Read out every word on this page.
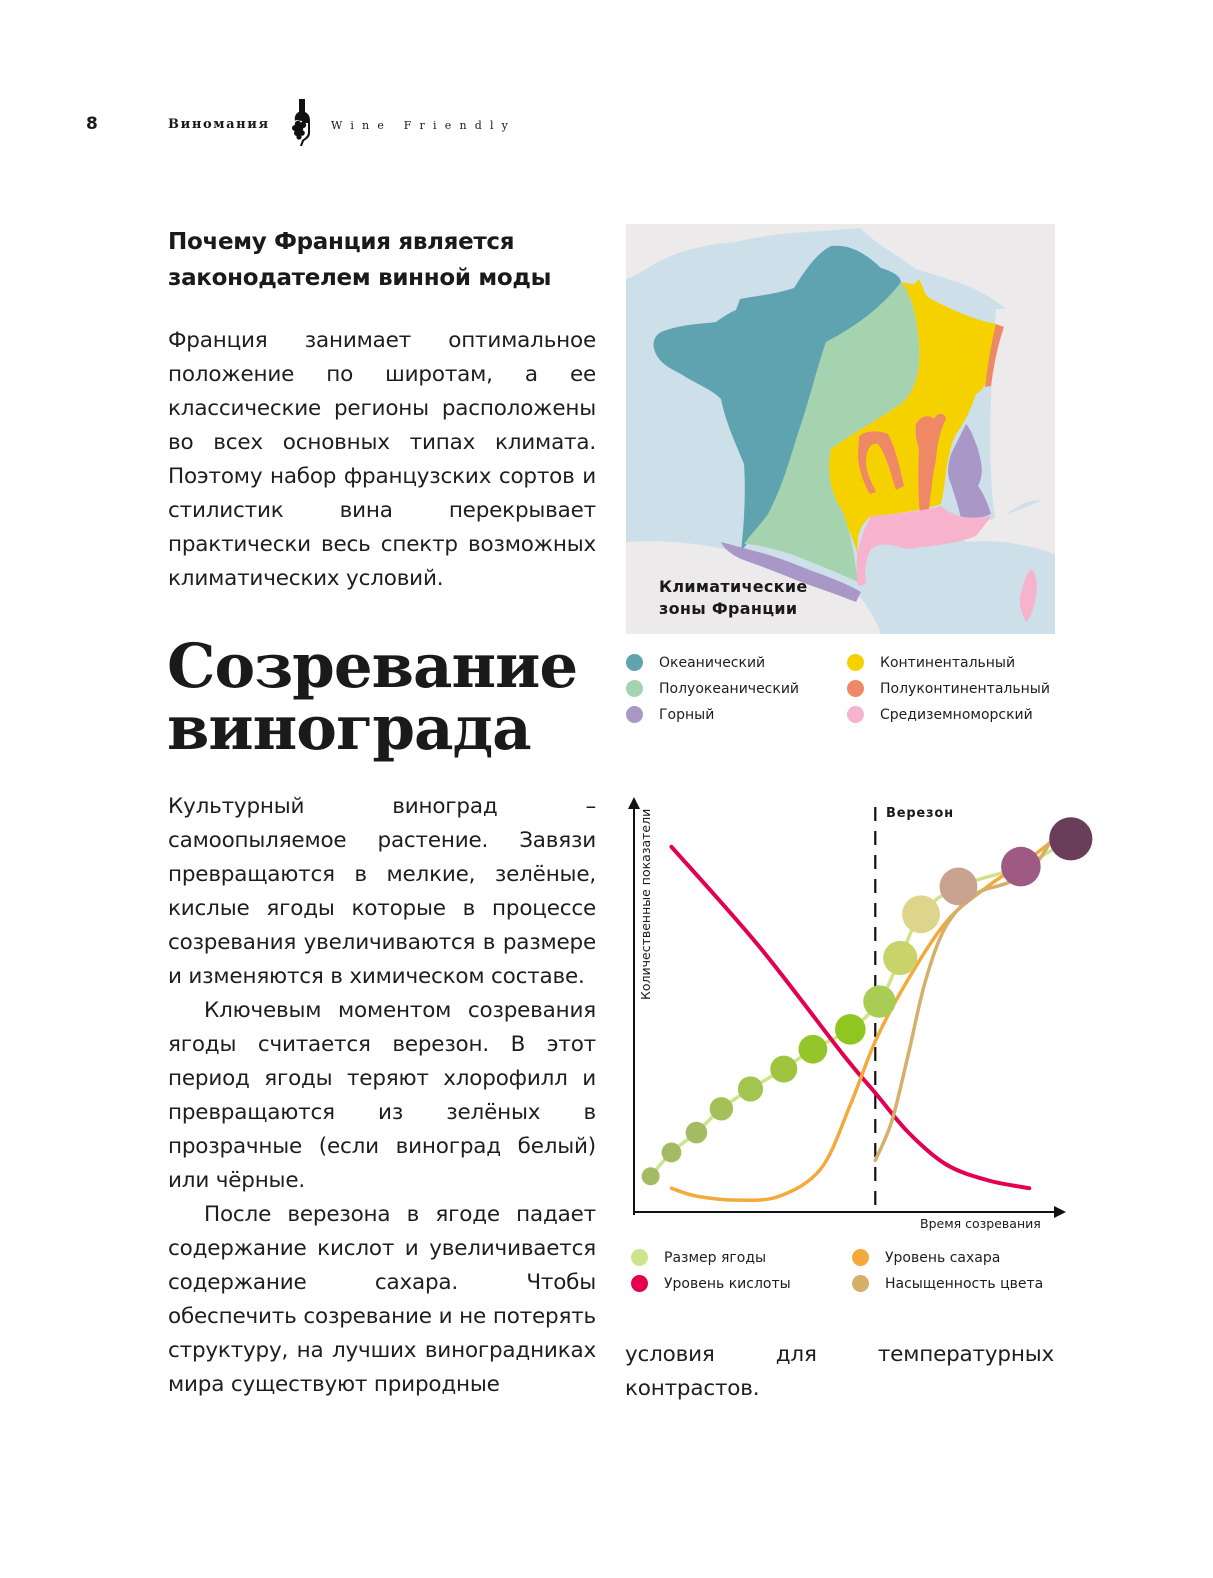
8	Виномания	Wine Friendly
Почему Франция является законодателем винной моды

Франция занимает оптимальное положение по широтам, а ее классические регионы расположены во всех основных типах климата. Поэтому набор французских сортов и стилистик вина перекрывает практически весь спектр возможных климатических условий.	Климатические
зоны Франции
Океанический
Полуокеанический
Горный
Континентальный
Полуконтинентальный
Средиземноморский
Созревание
винограда

Культурный виноград – самоопыляемое растение. Завязи превращаются в мелкие, зелёные, кислые ягоды которые в процессе созревания увеличиваются в размере и изменяются в химическом составе.

Ключевым моментом созревания ягоды считается верезон. В этот период ягоды теряют хлорофилл и превращаются из зелёных в прозрачные (если виноград белый) или чёрные.

После верезона в ягоде падает содержание кислот и увеличивается содержание сахара. Чтобы обеспечить созревание и не потерять структуру, на лучших виноградниках мира существуют природные

условия для температурных контрастов.

Количественные показатели
Время созревания
Верезон
Размер ягоды
Уровень кислоты
Уровень сахара
Насыщенность цвета
